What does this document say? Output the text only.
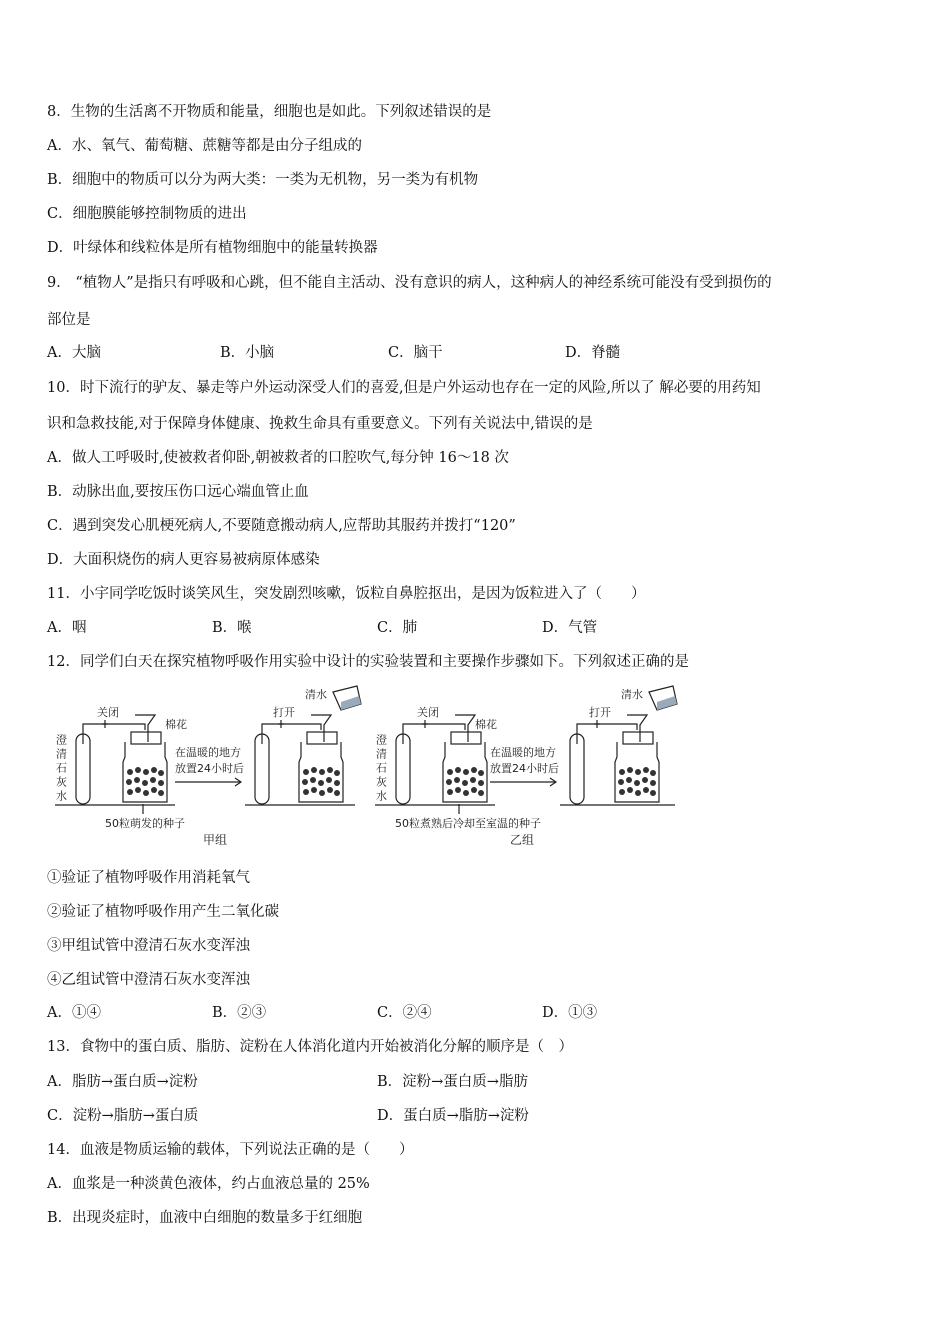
8．生物的生活离不开物质和能量，细胞也是如此。下列叙述错误的是
A．水、氧气、葡萄糖、蔗糖等都是由分子组成的
B．细胞中的物质可以分为两大类：一类为无机物，另一类为有机物
C．细胞膜能够控制物质的进出
D．叶绿体和线粒体是所有植物细胞中的能量转换器
9． “植物人”是指只有呼吸和心跳，但不能自主活动、没有意识的病人，这种病人的神经系统可能没有受到损伤的
部位是
A．大脑	B．小脑	C．脑干	D．脊髓
10．时下流行的驴友、暴走等户外运动深受人们的喜爱,但是户外运动也存在一定的风险,所以了 解必要的用药知
识和急救技能,对于保障身体健康、挽救生命具有重要意义。下列有关说法中,错误的是
A．做人工呼吸时,使被救者仰卧,朝被救者的口腔吹气,每分钟 16～18 次
B．动脉出血,要按压伤口远心端血管止血
C．遇到突发心肌梗死病人,不要随意搬动病人,应帮助其服药并拨打“120”
D．大面积烧伤的病人更容易被病原体感染
11．小宇同学吃饭时谈笑风生，突发剧烈咳嗽，饭粒自鼻腔抠出，是因为饭粒进入了（　　）
A．咽	B．喉	C．肺	D．气管
12．同学们白天在探究植物呼吸作用实验中设计的实验装置和主要操作步骤如下。下列叙述正确的是
澄清石灰水	澄清石灰水
关闭
棉花
打开
清水
在温暖的地方
放置24小时后
50粒萌发的种子
甲组
关闭
棉花
打开
清水
在温暖的地方
放置24小时后
50粒煮熟后冷却至室温的种子
乙组
①验证了植物呼吸作用消耗氧气
②验证了植物呼吸作用产生二氧化碳
③甲组试管中澄清石灰水变浑浊
④乙组试管中澄清石灰水变浑浊
A．①④	B．②③	C．②④	D．①③
13．食物中的蛋白质、脂肪、淀粉在人体消化道内开始被消化分解的顺序是（　）
A．脂肪→蛋白质→淀粉	B．淀粉→蛋白质→脂肪
C．淀粉→脂肪→蛋白质	D．蛋白质→脂肪→淀粉
14．血液是物质运输的载体，下列说法正确的是（　　）
A．血浆是一种淡黄色液体，约占血液总量的 25%
B．出现炎症时，血液中白细胞的数量多于红细胞
